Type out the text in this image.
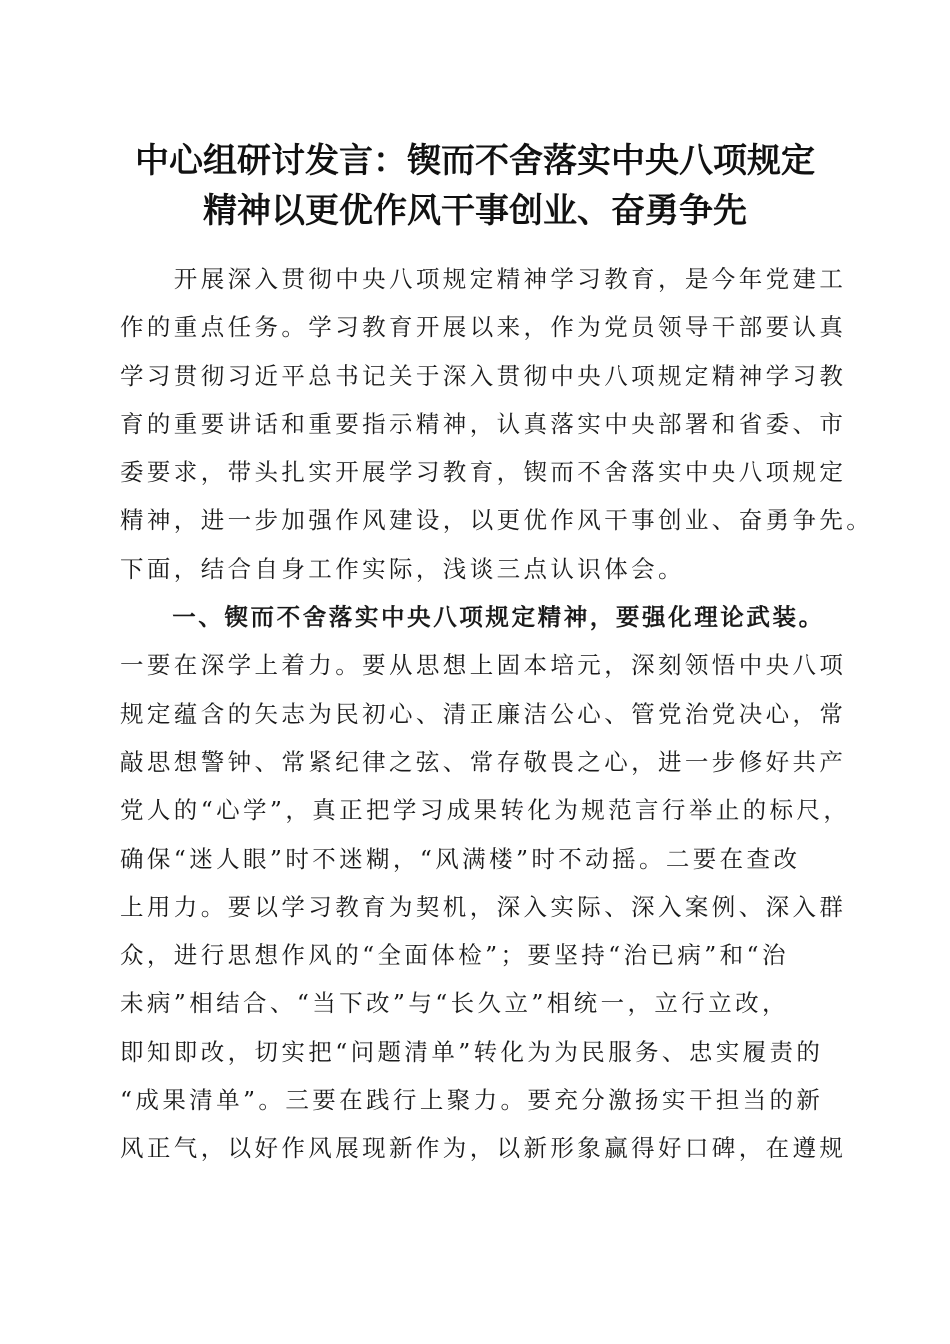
中心组研讨发言：锲而不舍落实中央八项规定
精神以更优作风干事创业、奋勇争先
　　开展深入贯彻中央八项规定精神学习教育，是今年党建工
作的重点任务。学习教育开展以来，作为党员领导干部要认真
学习贯彻习近平总书记关于深入贯彻中央八项规定精神学习教
育的重要讲话和重要指示精神，认真落实中央部署和省委、市
委要求，带头扎实开展学习教育，锲而不舍落实中央八项规定
精神，进一步加强作风建设，以更优作风干事创业、奋勇争先。
下面，结合自身工作实际，浅谈三点认识体会。
　　一、锲而不舍落实中央八项规定精神，要强化理论武装。
一要在深学上着力。要从思想上固本培元，深刻领悟中央八项
规定蕴含的矢志为民初心、清正廉洁公心、管党治党决心，常
敲思想警钟、常紧纪律之弦、常存敬畏之心，进一步修好共产
党人的“心学”，真正把学习成果转化为规范言行举止的标尺，
确保“迷人眼”时不迷糊，“风满楼”时不动摇。二要在查改
上用力。要以学习教育为契机，深入实际、深入案例、深入群
众，进行思想作风的“全面体检”；要坚持“治已病”和“治
未病”相结合、“当下改”与“长久立”相统一，立行立改，
即知即改，切实把“问题清单”转化为为民服务、忠实履责的
“成果清单”。三要在践行上聚力。要充分激扬实干担当的新
风正气，以好作风展现新作为，以新形象赢得好口碑，在遵规
